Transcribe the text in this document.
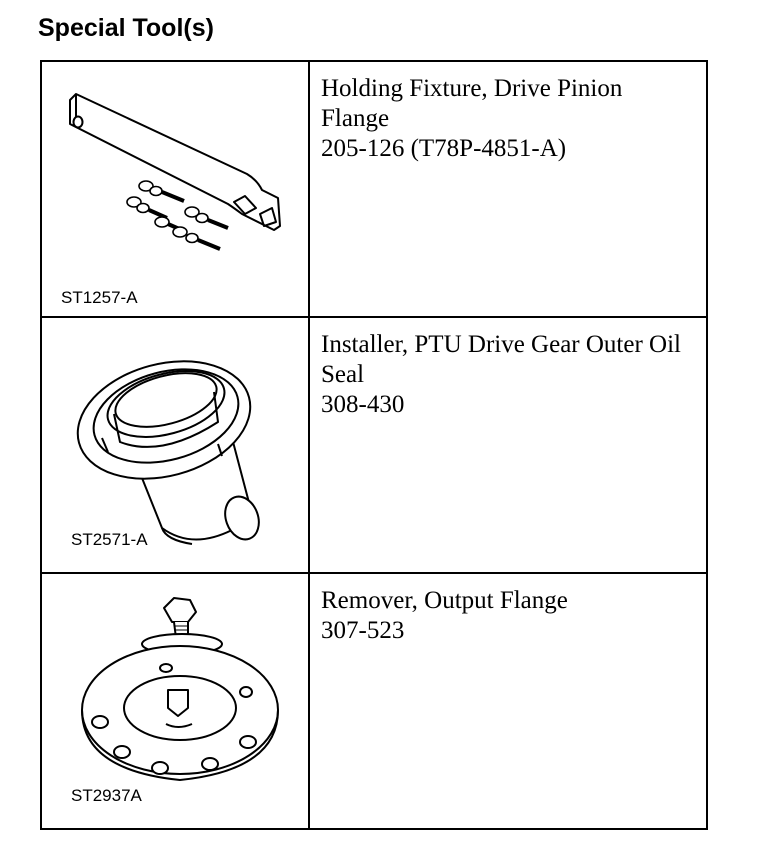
Special Tool(s)
ST1257-A	Holding Fixture, Drive Pinion Flange
205-126 (T78P-4851-A)

ST2571-A	Installer, PTU Drive Gear Outer Oil Seal
308-430

ST2937A	Remover, Output Flange
307-523
